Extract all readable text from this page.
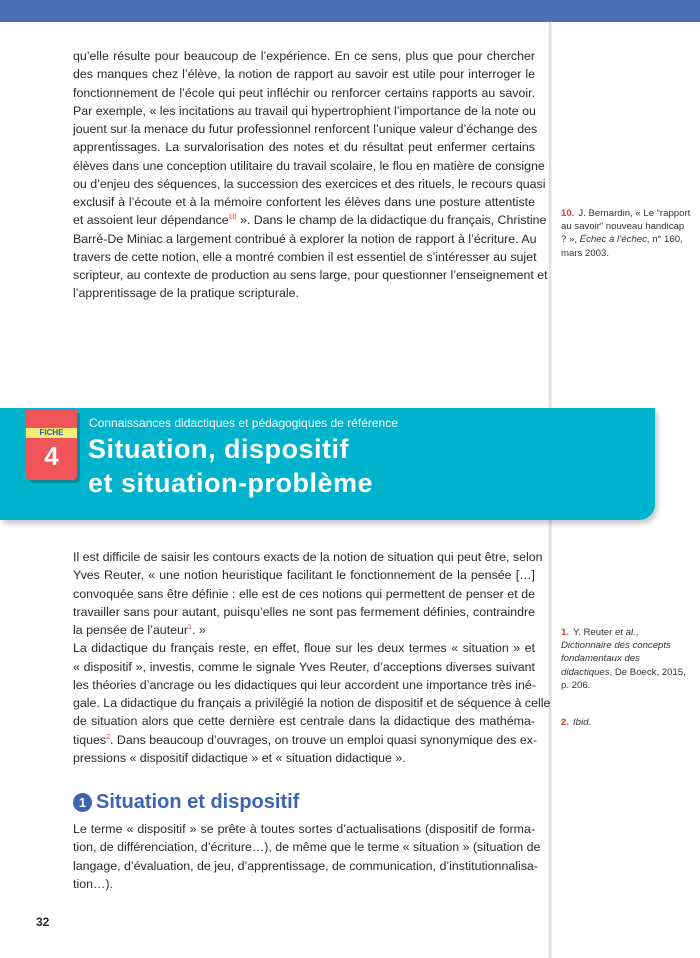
qu’elle résulte pour beaucoup de l’expérience. En ce sens, plus que pour chercher
des manques chez l’élève, la notion de rapport au savoir est utile pour interroger le
fonctionnement de l’école qui peut infléchir ou renforcer certains rapports au savoir.
Par exemple, « les incitations au travail qui hypertrophient l’importance de la note ou
jouent sur la menace du futur professionnel renforcent l’unique valeur d’échange des
apprentissages. La survalorisation des notes et du résultat peut enfermer certains
élèves dans une conception utilitaire du travail scolaire, le flou en matière de consigne
ou d’enjeu des séquences, la succession des exercices et des rituels, le recours quasi
exclusif à l’écoute et à la mémoire confortent les élèves dans une posture attentiste
et assoient leur dépendance$^{10}$ ». Dans le champ de la didactique du français, Christine
Barré-De Miniac a largement contribué à explorer la notion de rapport à l’écriture. Au
travers de cette notion, elle a montré combien il est essentiel de s’intéresser au sujet
scripteur, au contexte de production au sens large, pour questionner l’enseignement et
l’apprentissage de la pratique scripturale.
10. J. Bernardin, « Le “rapport au savoir” nouveau handicap ? », Échec à l’échec, n° 160, mars 2003.
FICHE
4
Connaissances didactiques et pédagogiques de référence
Situation, dispositif
et situation-problème
Il est difficile de saisir les contours exacts de la notion de situation qui peut être, selon
Yves Reuter, « une notion heuristique facilitant le fonctionnement de la pensée […]
convoquée sans être définie : elle est de ces notions qui permettent de penser et de
travailler sans pour autant, puisqu’elles ne sont pas fermement définies, contraindre
la pensée de l’auteur$^1$. »
La didactique du français reste, en effet, floue sur les deux termes « situation » et
« dispositif », investis, comme le signale Yves Reuter, d’acceptions diverses suivant
les théories d’ancrage ou les didactiques qui leur accordent une importance très iné-
gale. La didactique du français a privilégié la notion de dispositif et de séquence à celle
de situation alors que cette dernière est centrale dans la didactique des mathéma-
tiques$^2$. Dans beaucoup d’ouvrages, on trouve un emploi quasi synonymique des ex-
pressions « dispositif didactique » et « situation didactique ».
1. Y. Reuter et al., Dictionnaire des concepts fondamentaux des didactiques, De Boeck, 2015, p. 206.
2. Ibid.
1 Situation et dispositif
Le terme « dispositif » se prête à toutes sortes d’actualisations (dispositif de forma-
tion, de différenciation, d’écriture…), de même que le terme « situation » (situation de
langage, d’évaluation, de jeu, d’apprentissage, de communication, d’institutionnalisa-
tion…).
32
